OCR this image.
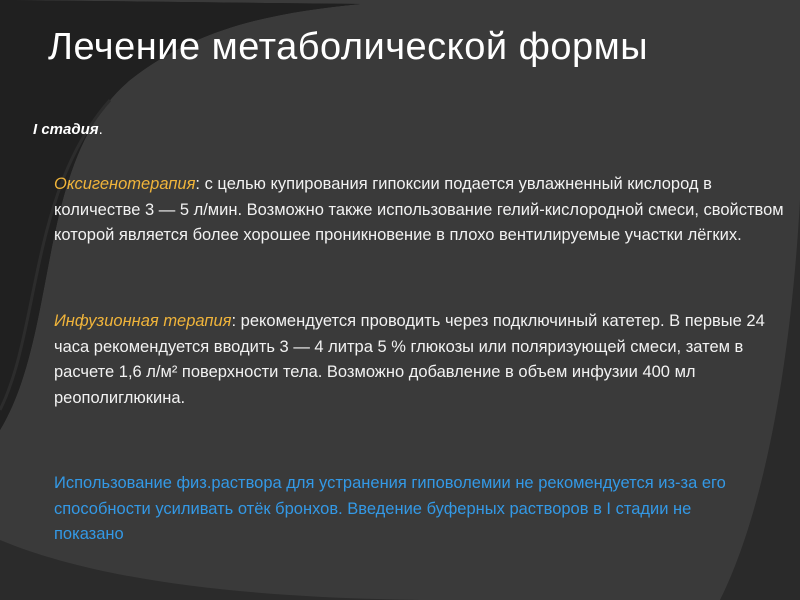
Лечение метаболической формы
I стадия.

Оксигенотерапия: с целью купирования гипоксии подается увлажненный кислород в количестве 3 — 5 л/мин. Возможно также использование гелий-кислородной смеси, свойством которой является более хорошее проникновение в плохо вентилируемые участки лёгких.

Инфузионная терапия: рекомендуется проводить через подключиный катетер. В первые 24 часа рекомендуется вводить 3 — 4 литра 5 % глюкозы или поляризующей смеси, затем в расчете 1,6 л/м² поверхности тела. Возможно добавление в объем инфузии 400 мл реополиглюкина.

Использование физ.раствора для устранения гиповолемии не рекомендуется из-за его способности усиливать отёк бронхов. Введение буферных растворов в I стадии не показано
